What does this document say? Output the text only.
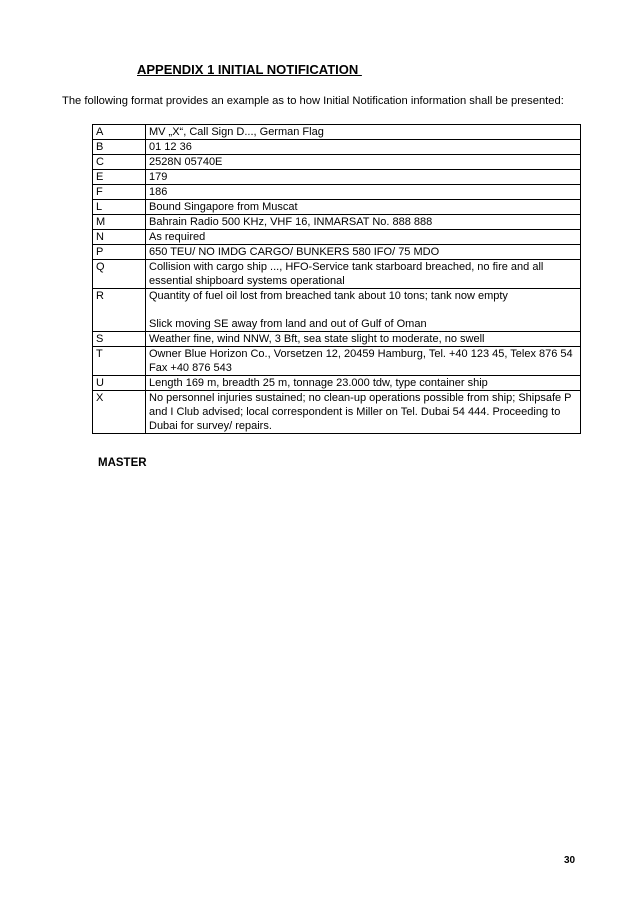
APPENDIX 1 INITIAL NOTIFICATION

The following format provides an example as to how Initial Notification information shall be presented:

A	MV „X“, Call Sign D..., German Flag

B	01 12 36

C	2528N 05740E

E	179

F	186

L	Bound Singapore from Muscat

M	Bahrain Radio 500 KHz, VHF 16, INMARSAT No. 888 888

N	As required

P	650 TEU/ NO IMDG CARGO/ BUNKERS 580 IFO/ 75 MDO

Q	Collision with cargo ship ..., HFO-Service tank starboard breached, no fire and all essential shipboard systems operational

R	Quantity of fuel oil lost from breached tank about 10 tons; tank now empty
Slick moving SE away from land and out of Gulf of Oman

S	Weather fine, wind NNW, 3 Bft, sea state slight to moderate, no swell

T	Owner Blue Horizon Co., Vorsetzen 12, 20459 Hamburg, Tel. +40 123 45, Telex 876 54
Fax +40 876 543

U	Length 169 m, breadth 25 m, tonnage 23.000 tdw, type container ship

X	No personnel injuries sustained; no clean-up operations possible from ship; Shipsafe P and I Club advised; local correspondent is Miller on Tel. Dubai 54 444. Proceeding to Dubai for survey/ repairs.

MASTER

30
